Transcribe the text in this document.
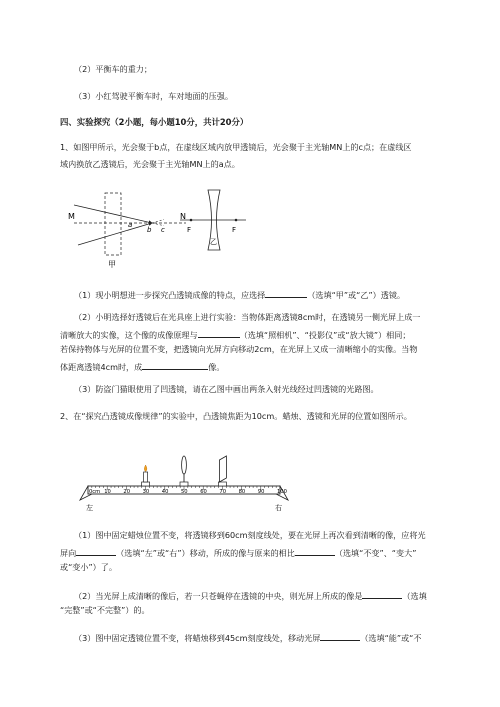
（2）平衡车的重力；
（3）小红驾驶平衡车时，车对地面的压强。
四、实验探究（2小题，每小题10分，共计20分）
1、如图甲所示，光会聚于b点，在虚线区域内放甲透镜后，光会聚于主光轴MN上的c点；在虚线区
域内换放乙透镜后，光会聚于主光轴MN上的a点。
M	N
a
b c
甲
F	F
乙
（1）现小明想进一步探究凸透镜成像的特点，应选择	（选填“甲”或“乙”）透镜。
（2）小明选择好透镜后在光具座上进行实验：当物体距离透镜8cm时，在透镜另一侧光屏上成一
清晰放大的实像，这个像的成像原理与	（选填“照相机”、“投影仪”或“放大镜”）相同；
若保持物体与光屏的位置不变，把透镜向光屏方向移动2cm，在光屏上又成一清晰缩小的实像。当物
体距离透镜4cm时，成	像。
（3）防盗门猫眼使用了凹透镜，请在乙图中画出两条入射光线经过凹透镜的光路图。
2、在“探究凸透镜成像规律”的实验中，凸透镜焦距为10cm。蜡烛、透镜和光屏的位置如图所示。
0cm 10 20 30 40 50 60 70 80 90 100
左	右
（1）图中固定蜡烛位置不变，将透镜移到60cm刻度线处，要在光屏上再次看到清晰的像，应将光
屏向	（选填“左”或“右”）移动，所成的像与原来的相比	（选填“不变”、“变大”
或“变小”）了。
（2）当光屏上成清晰的像后，若一只苍蝇停在透镜的中央，则光屏上所成的像是	（选填
“完整”或“不完整”）的。
（3）图中固定透镜位置不变，将蜡烛移到45cm刻度线处，移动光屏	（选填“能”或“不
